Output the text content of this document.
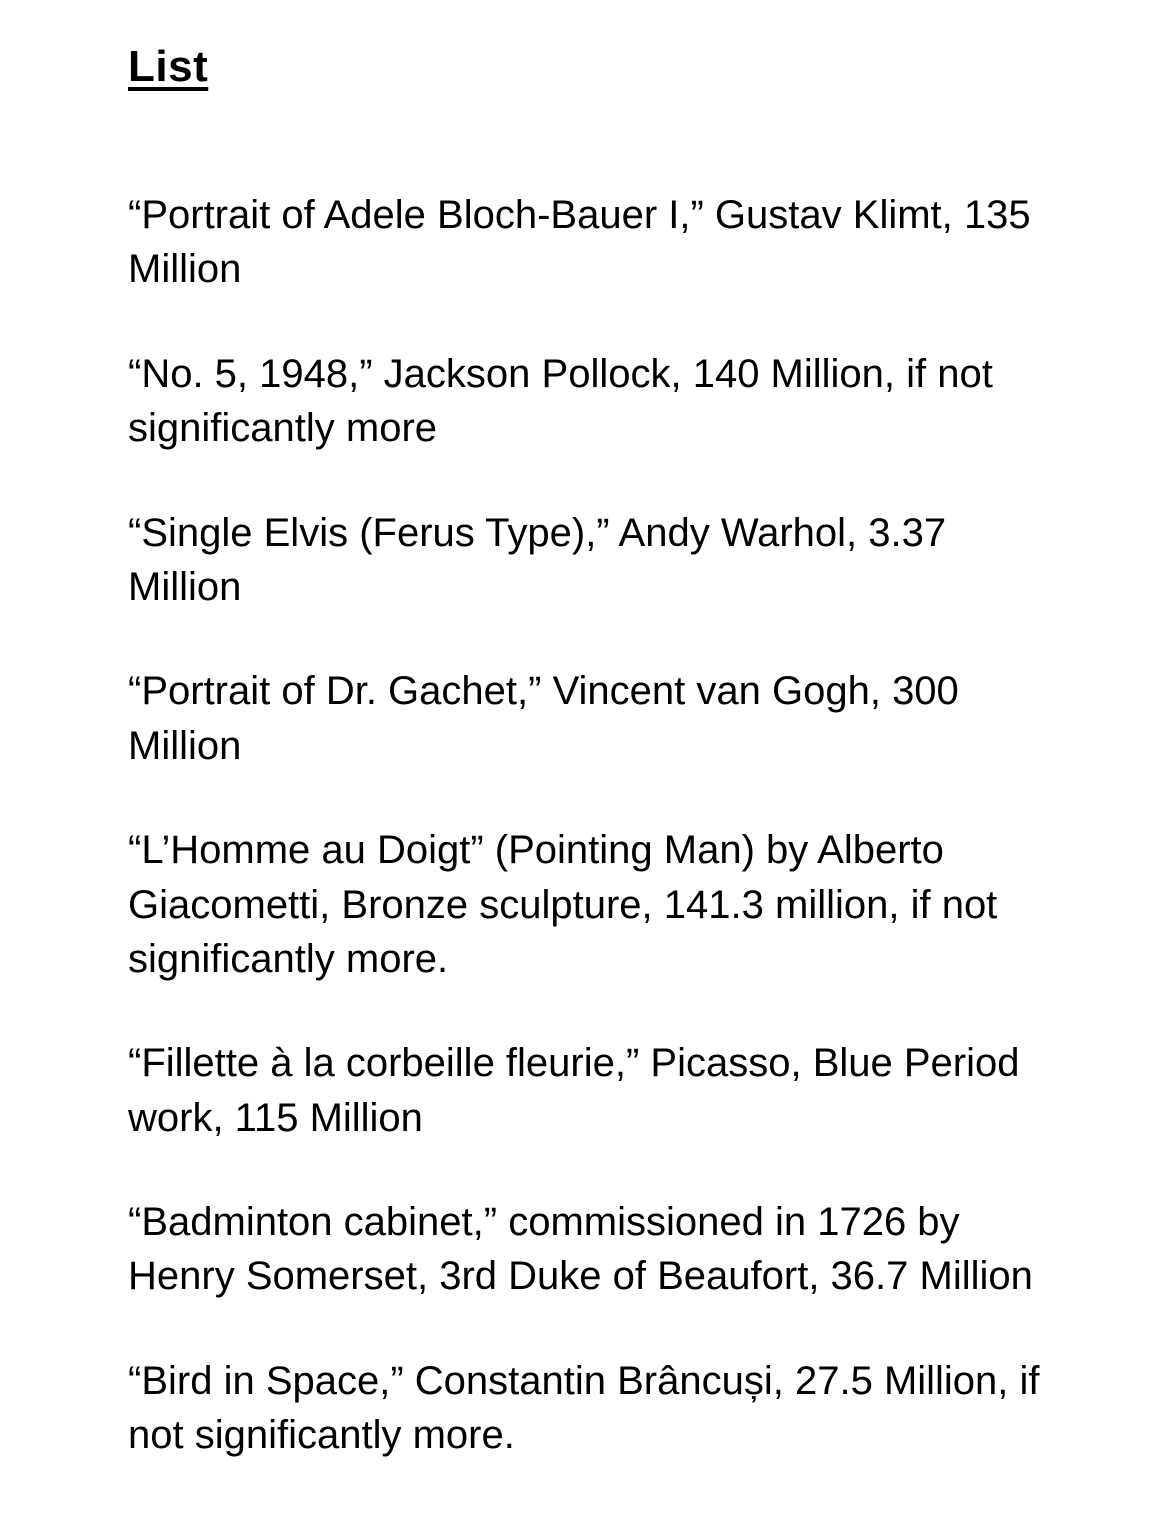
List

“Portrait of Adele Bloch-Bauer I,” Gustav Klimt, 135 Million

“No. 5, 1948,” Jackson Pollock, 140 Million, if not significantly more

“Single Elvis (Ferus Type),” Andy Warhol, 3.37 Million

“Portrait of Dr. Gachet,” Vincent van Gogh, 300 Million

“L’Homme au Doigt” (Pointing Man) by Alberto Giacometti, Bronze sculpture, 141.3 million, if not significantly more.

“Fillette à la corbeille fleurie,” Picasso, Blue Period work, 115 Million

“Badminton cabinet,” commissioned in 1726 by Henry Somerset, 3rd Duke of Beaufort, 36.7 Million

“Bird in Space,” Constantin Brâncuși, 27.5 Million, if not significantly more.
